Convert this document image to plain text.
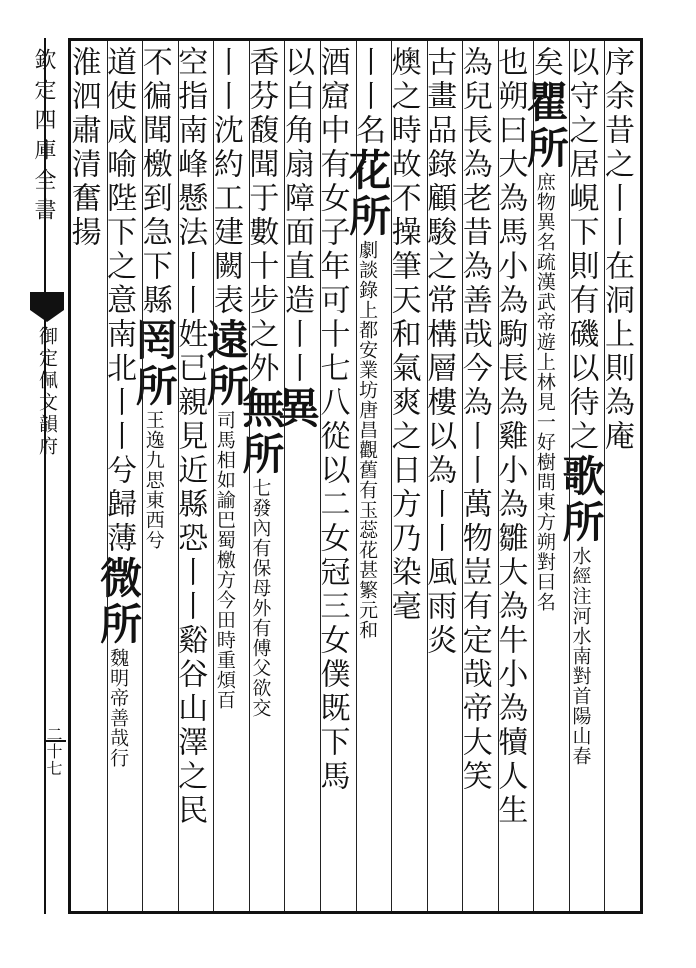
欽定四庫全書
御定佩文韻府
二十七
序余昔之丨丨在洞上則為庵
以守之居峴下則有磯以待之歌所水經注河水南對首陽山春
矣瞿所庶物異名疏漢武帝遊上林見一好樹問東方朔對曰名
也朔曰大為馬小為駒長為雞小為雛大為牛小為犢人生
為兒長為老昔為善哉今為丨丨萬物豈有定哉帝大笑
古畫品錄顧駿之常構層樓以為丨丨風雨炎
燠之時故不操筆天和氣爽之日方乃染毫
丨丨名花所劇談錄上都安業坊唐昌觀舊有玉蕊花甚繁元和
酒窟中有女子年可十七八從以二女冠三女僕既下馬
以白角扇障面直造丨丨異
香芬馥聞于數十步之外無所七發內有保母外有傅父欲交
丨丨沈約工建闕表遠所司馬相如諭巴蜀檄方今田時重煩百
空指南峰懸法丨丨姓已親見近縣恐丨丨谿谷山澤之民
不徧聞檄到急下縣罔所王逸九思東西兮
道使咸喻陛下之意南北丨丨兮歸薄微所魏明帝善哉行
淮泗肅清奮揚
